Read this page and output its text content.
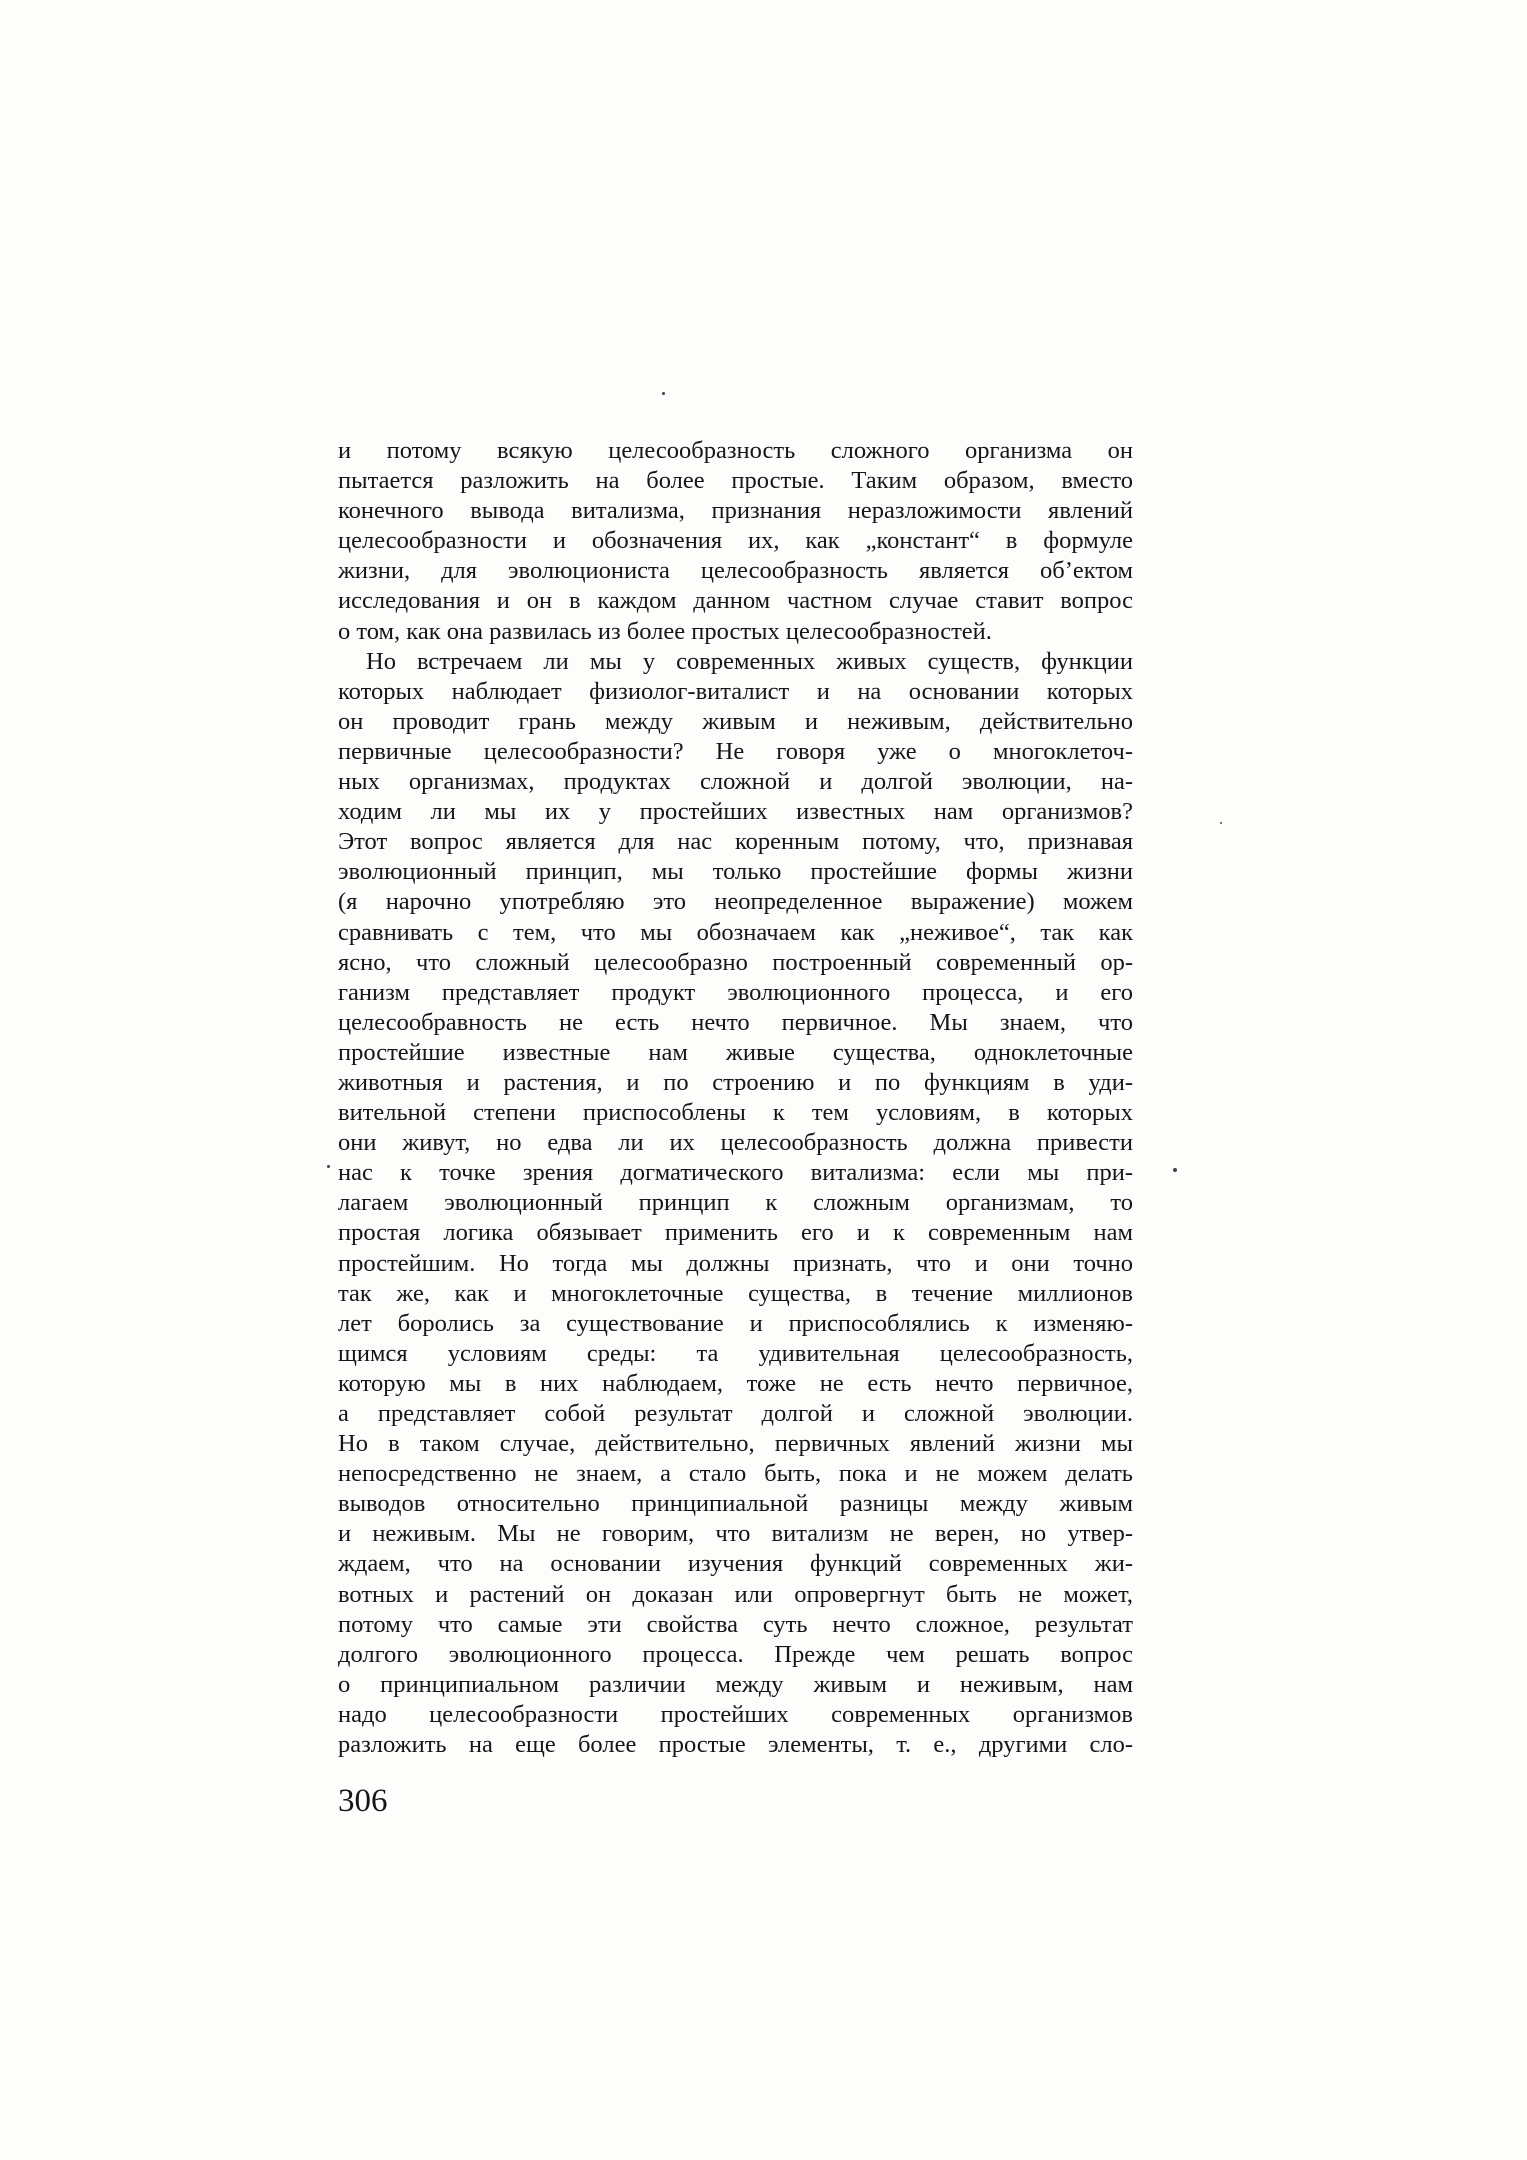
и потому всякую целесообразность сложного организма он
пытается разложить на более простые. Таким образом, вместо
конечного вывода витализма, признания неразложимости явлений
целесообразности и обозначения их, как „констант“ в формуле
жизни, для эволюциониста целесообразность является об’ектом
исследования и он в каждом данном частном случае ставит вопрос
о том, как она развилась из более простых целесообразностей.
Но встречаем ли мы у современных живых существ, функции
которых наблюдает физиолог-виталист и на основании которых
он проводит грань между живым и неживым, действительно
первичные целесообразности? Не говоря уже о многоклеточ-
ных организмах, продуктах сложной и долгой эволюции, на-
ходим ли мы их у простейших известных нам организмов?
Этот вопрос является для нас коренным потому, что, признавая
эволюционный принцип, мы только простейшие формы жизни
(я нарочно употребляю это неопределенное выражение) можем
сравнивать с тем, что мы обозначаем как „неживое“, так как
ясно, что сложный целесообразно построенный современный ор-
ганизм представляет продукт эволюционного процесса, и его
целесообравность не есть нечто первичное. Мы знаем, что
простейшие известные нам живые существа, одноклеточные
животныя и растения, и по строению и по функциям в уди-
вительной степени приспособлены к тем условиям, в которых
они живут, но едва ли их целесообразность должна привести
нас к точке зрения догматического витализма: если мы при-
лагаем эволюционный принцип к сложным организмам, то
простая логика обязывает применить его и к современным нам
простейшим. Но тогда мы должны признать, что и они точно
так же, как и многоклеточные существа, в течение миллионов
лет боролись за существование и приспособлялись к изменяю-
щимся условиям среды: та удивительная целесообразность,
которую мы в них наблюдаем, тоже не есть нечто первичное,
а представляет собой результат долгой и сложной эволюции.
Но в таком случае, действительно, первичных явлений жизни мы
непосредственно не знаем, а стало быть, пока и не можем делать
выводов относительно принципиальной разницы между живым
и неживым. Мы не говорим, что витализм не верен, но утвер-
ждаем, что на основании изучения функций современных жи-
вотных и растений он доказан или опровергнут быть не может,
потому что самые эти свойства суть нечто сложное, результат
долгого эволюционного процесса. Прежде чем решать вопрос
о принципиальном различии между живым и неживым, нам
надо целесообразности простейших современных организмов
разложить на еще более простые элементы, т. е., другими сло-
306
